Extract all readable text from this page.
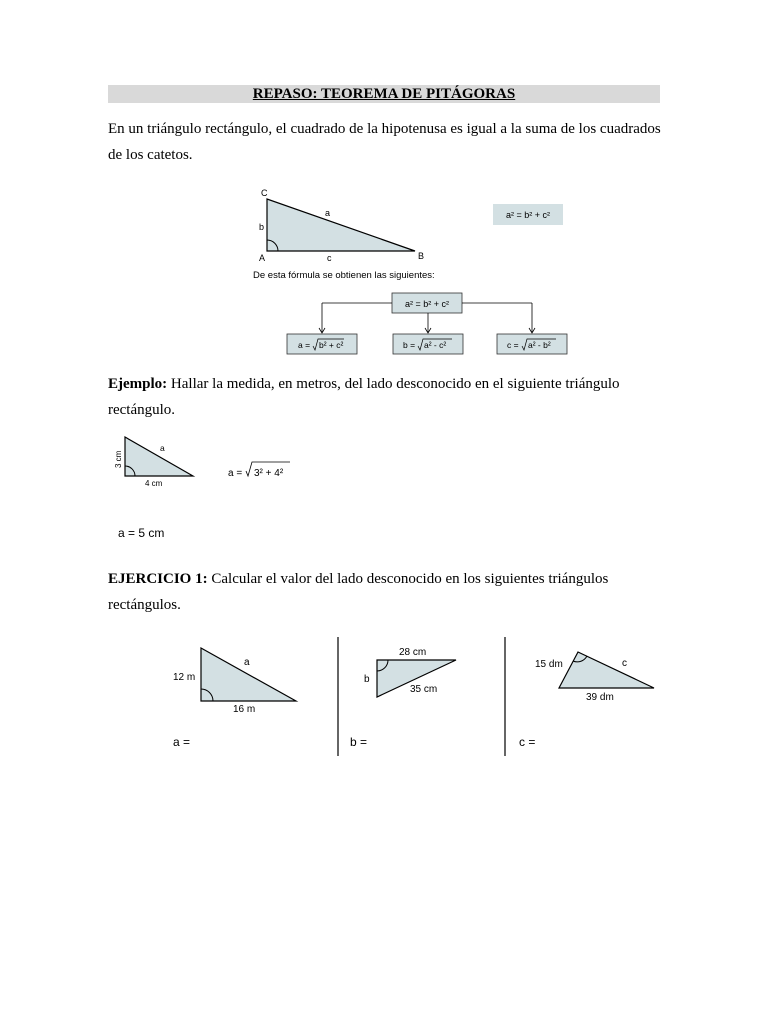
REPASO: TEOREMA DE PITÁGORAS
En un triángulo rectángulo, el cuadrado de la hipotenusa es igual a la suma de los cuadrados de los catetos.
C
A	B
b
a
c
a² = b² + c²
De esta fórmula se obtienen las siguientes:
a² = b² + c²
a = b² + c²	b = a² - c²	c = a² - b²
3 cm
a
4 cm
a = 3² + 4²
12 m
a
16 m
28 cm
b
35 cm
15 dm	c
39 dm
Ejemplo: Hallar la medida, en metros, del lado desconocido en el siguiente triángulo rectángulo.
a = 5 cm
EJERCICIO 1: Calcular el valor del lado desconocido en los siguientes triángulos rectángulos.
a =	b =	c =
